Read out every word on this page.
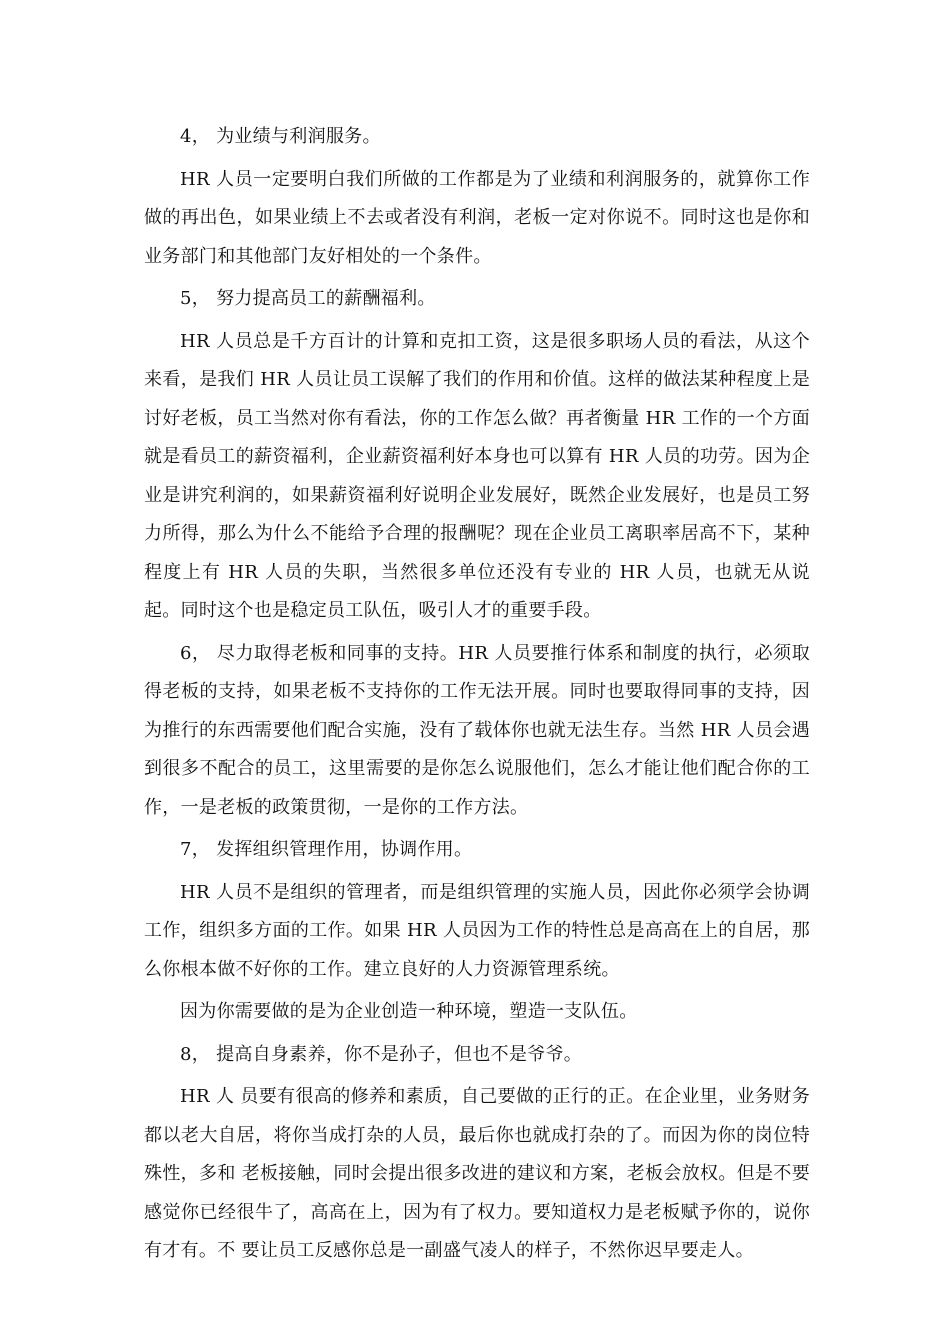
4， 为业绩与利润服务。

HR 人员一定要明白我们所做的工作都是为了业绩和利润服务的，就算你工作做的再出色，如果业绩上不去或者没有利润，老板一定对你说不。同时这也是你和业务部门和其他部门友好相处的一个条件。

5， 努力提高员工的薪酬福利。

HR 人员总是千方百计的计算和克扣工资，这是很多职场人员的看法，从这个来看，是我们 HR 人员让员工误解了我们的作用和价值。这样的做法某种程度上是讨好老板，员工当然对你有看法，你的工作怎么做？再者衡量 HR 工作的一个方面就是看员工的薪资福利，企业薪资福利好本身也可以算有 HR 人员的功劳。因为企业是讲究利润的，如果薪资福利好说明企业发展好，既然企业发展好，也是员工努力所得，那么为什么不能给予合理的报酬呢？现在企业员工离职率居高不下，某种程度上有 HR 人员的失职，当然很多单位还没有专业的 HR 人员，也就无从说起。同时这个也是稳定员工队伍，吸引人才的重要手段。

6， 尽力取得老板和同事的支持。HR 人员要推行体系和制度的执行，必须取得老板的支持，如果老板不支持你的工作无法开展。同时也要取得同事的支持，因为推行的东西需要他们配合实施，没有了载体你也就无法生存。当然 HR 人员会遇到很多不配合的员工，这里需要的是你怎么说服他们，怎么才能让他们配合你的工作，一是老板的政策贯彻，一是你的工作方法。

7， 发挥组织管理作用，协调作用。

HR 人员不是组织的管理者，而是组织管理的实施人员，因此你必须学会协调工作，组织多方面的工作。如果 HR 人员因为工作的特性总是高高在上的自居，那么你根本做不好你的工作。建立良好的人力资源管理系统。

因为你需要做的是为企业创造一种环境，塑造一支队伍。

8， 提高自身素养，你不是孙子，但也不是爷爷。

HR 人 员要有很高的修养和素质，自己要做的正行的正。在企业里，业务财务都以老大自居，将你当成打杂的人员，最后你也就成打杂的了。而因为你的岗位特殊性，多和 老板接触，同时会提出很多改进的建议和方案，老板会放权。但是不要感觉你已经很牛了，高高在上，因为有了权力。要知道权力是老板赋予你的，说你有才有。不 要让员工反感你总是一副盛气凌人的样子，不然你迟早要走人。
